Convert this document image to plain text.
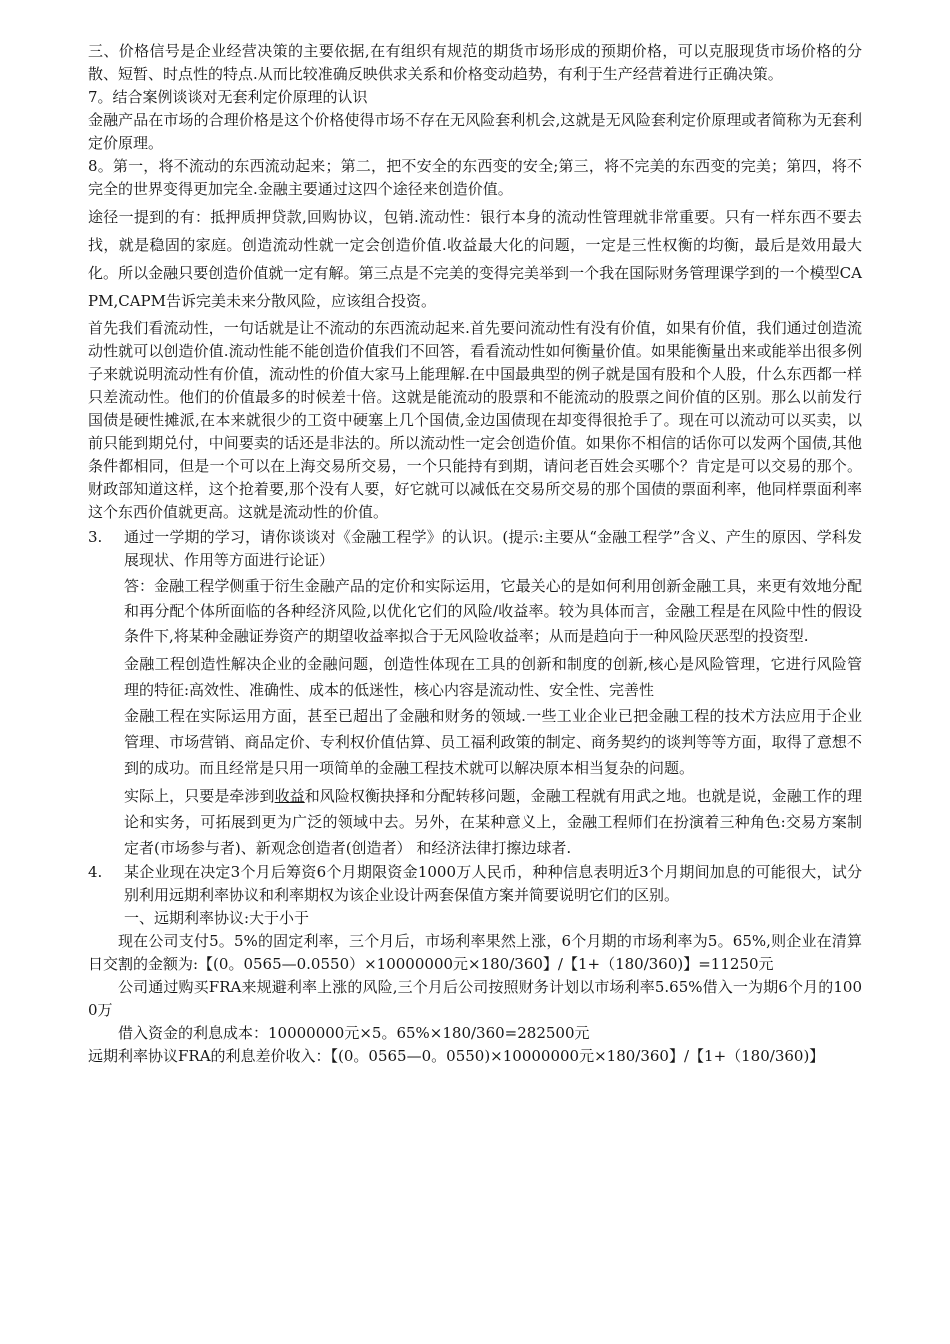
三、价格信号是企业经营决策的主要依据,在有组织有规范的期货市场形成的预期价格，可以克服现货市场价格的分散、短暂、时点性的特点.从而比较准确反映供求关系和价格变动趋势，有利于生产经营着进行正确决策。

7。结合案例谈谈对无套利定价原理的认识

金融产品在市场的合理价格是这个价格使得市场不存在无风险套利机会,这就是无风险套利定价原理或者简称为无套利定价原理。

8。第一，将不流动的东西流动起来；第二，把不安全的东西变的安全;第三，将不完美的东西变的完美；第四，将不完全的世界变得更加完全.金融主要通过这四个途径来创造价值。

途径一提到的有：抵押质押贷款,回购协议，包销.流动性：银行本身的流动性管理就非常重要。只有一样东西不要去找，就是稳固的家庭。创造流动性就一定会创造价值.收益最大化的问题，一定是三性权衡的均衡，最后是效用最大化。所以金融只要创造价值就一定有解。第三点是不完美的变得完美举到一个我在国际财务管理课学到的一个模型CAPM,CAPM告诉完美未来分散风险，应该组合投资。

首先我们看流动性，一句话就是让不流动的东西流动起来.首先要问流动性有没有价值，如果有价值，我们通过创造流动性就可以创造价值.流动性能不能创造价值我们不回答，看看流动性如何衡量价值。如果能衡量出来或能举出很多例子来就说明流动性有价值，流动性的价值大家马上能理解.在中国最典型的例子就是国有股和个人股，什么东西都一样只差流动性。他们的价值最多的时候差十倍。这就是能流动的股票和不能流动的股票之间价值的区别。那么以前发行国债是硬性摊派,在本来就很少的工资中硬塞上几个国债,金边国债现在却变得很抢手了。现在可以流动可以买卖，以前只能到期兑付，中间要卖的话还是非法的。所以流动性一定会创造价值。如果你不相信的话你可以发两个国债,其他条件都相同，但是一个可以在上海交易所交易，一个只能持有到期，请问老百姓会买哪个？肯定是可以交易的那个。财政部知道这样，这个抢着要,那个没有人要，好它就可以减低在交易所交易的那个国债的票面利率，他同样票面利率这个东西价值就更高。这就是流动性的价值。

3. 通过一学期的学习，请你谈谈对《金融工程学》的认识。(提示:主要从“金融工程学”含义、产生的原因、学科发展现状、作用等方面进行论证）

答：金融工程学侧重于衍生金融产品的定价和实际运用，它最关心的是如何利用创新金融工具，来更有效地分配和再分配个体所面临的各种经济风险,以优化它们的风险/收益率。较为具体而言，金融工程是在风险中性的假设条件下,将某种金融证券资产的期望收益率拟合于无风险收益率；从而是趋向于一种风险厌恶型的投资型.

金融工程创造性解决企业的金融问题，创造性体现在工具的创新和制度的创新,核心是风险管理，它进行风险管理的特征:高效性、准确性、成本的低迷性，核心内容是流动性、安全性、完善性

金融工程在实际运用方面，甚至已超出了金融和财务的领域.一些工业企业已把金融工程的技术方法应用于企业管理、市场营销、商品定价、专利权价值估算、员工福利政策的制定、商务契约的谈判等等方面，取得了意想不到的成功。而且经常是只用一项简单的金融工程技术就可以解决原本相当复杂的问题。

实际上，只要是牵涉到收益和风险权衡抉择和分配转移问题，金融工程就有用武之地。也就是说，金融工作的理论和实务，可拓展到更为广泛的领域中去。另外，在某种意义上，金融工程师们在扮演着三种角色:交易方案制定者(市场参与者)、新观念创造者(创造者） 和经济法律打擦边球者.

4. 某企业现在决定3个月后筹资6个月期限资金1000万人民币，种种信息表明近3个月期间加息的可能很大，试分别利用远期利率协议和利率期权为该企业设计两套保值方案并简要说明它们的区别。

一、远期利率协议:大于小于

现在公司支付5。5%的固定利率，三个月后，市场利率果然上涨，6个月期的市场利率为5。65%,则企业在清算日交割的金额为:【(0。0565—0.0550）×10000000元×180/360】/【1+（180/360)】=11250元

公司通过购买FRA来规避利率上涨的风险,三个月后公司按照财务计划以市场利率5.65%借入一为期6个月的1000万

借入资金的利息成本：10000000元×5。65%×180/360=282500元

远期利率协议FRA的利息差价收入：【(0。0565—0。0550)×10000000元×180/360】/【1+（180/360)】
